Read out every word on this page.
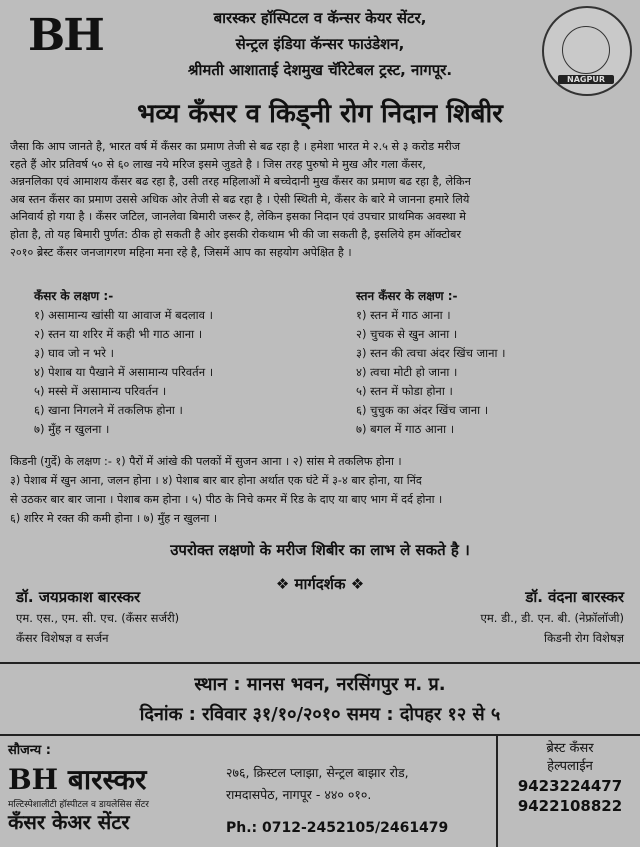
BH	बारस्कर हॉस्पिटल व कॅन्सर केयर सेंटर,
सेन्ट्रल इंडिया कॅन्सर फाउंडेशन,
श्रीमती आशाताई देशमुख चॅरिटेबल ट्रस्ट, नागपूर.
NAGPUR
भव्य कॅंसर व किड्नी रोग निदान शिबीर
जैसा कि आप जानते है, भारत वर्ष में कॅंसर का प्रमाण तेजी से बढ रहा है । हमेशा भारत मे २.५ से ३ करोड मरीज
रहते हैं ओर प्रतिवर्ष ५० से ६० लाख नये मरिज इसमे जुडते है । जिस तरह पुरुषो मे मुख और गला कॅंसर,
अन्ननलिका एवं आमाशय कॅंसर बढ रहा है, उसी तरह महिलाओं मे बच्चेदानी मुख कॅंसर का प्रमाण बढ रहा है, लेकिन
अब स्तन कॅंसर का प्रमाण उससे अधिक ओर तेजी से बढ रहा है । ऐसी स्थिती मे, कॅंसर के बारे मे जानना हमारे लिये
अनिवार्य हो गया है । कॅंसर जटिल, जानलेवा बिमारी जरूर है, लेकिन इसका निदान एवं उपचार प्राथमिक अवस्था मे
होता है, तो यह बिमारी पुर्णत: ठीक हो सकती है ओर इसकी रोकथाम भी की जा सकती है, इसलिये हम ऑक्टोबर
२०१० ब्रेस्ट कॅंसर जनजागरण महिना मना रहे है, जिसमें आप का सहयोग अपेक्षित है ।
कॅंसर के लक्षण :-
१) असामान्य खांसी या आवाज में बदलाव ।
२) स्तन या शरिर में कही भी गाठ आना ।
३) घाव जो न भरे ।
४) पेशाब या पैखाने में असामान्य परिवर्तन ।
५) मस्से में असामान्य परिवर्तन ।
६) खाना निगलने में तकलिफ होना ।
७) मुँह न खुलना ।
स्तन कॅंसर के लक्षण :-
१) स्तन में गाठ आना ।
२) चुचक से खुन आना ।
३) स्तन की त्वचा अंदर खिंच जाना ।
४) त्वचा मोटी हो जाना ।
५) स्तन में फोडा होना ।
६) चुचुक का अंदर खिंच जाना ।
७) बगल में गाठ आना ।
किडनी (गुर्दे) के लक्षण :- १) पैरों में आंखे की पलकों में सुजन आना । २) सांस मे तकलिफ होना ।
३) पेशाब में खुन आना, जलन होना । ४) पेशाब बार बार होना अर्थात एक घंटे में ३-४ बार होना, या निंद
से उठकर बार बार जाना । पेशाब कम होना । ५) पीठ के निचे कमर में रिड के दाए या बाए भाग में दर्द होना ।
६) शरिर मे रक्त की कमी होना । ७) मुँह न खुलना ।
उपरोक्त लक्षणो के मरीज शिबीर का लाभ ले सकते है ।
❖ मार्गदर्शक ❖
डॉ. जयप्रकाश बारस्कर
एम. एस., एम. सी. एच. (कॅंसर सर्जरी)
कॅंसर विशेषज्ञ व सर्जन
डॉ. वंदना बारस्कर
एम. डी., डी. एन. बी. (नेफ्रॉलॉजी)
किडनी रोग विशेषज्ञ
स्थान : मानस भवन, नरसिंगपुर म. प्र.
दिनांक : रविवार ३१/१०/२०१० समय : दोपहर १२ से ५
सौजन्य :
BH बारस्कर
मल्टिस्पेशालीटी हॉस्पीटल व डायलेसिस सेंटर
कॅंसर केअर सेंटर
२७६, क्रिस्टल प्लाझा, सेन्ट्रल बाझार रोड,
रामदासपेठ, नागपूर - ४४० ०१०.
Ph.: 0712-2452105/2461479
ब्रेस्ट कॅंसर
हेल्पलाईन
9423224477
9422108822
